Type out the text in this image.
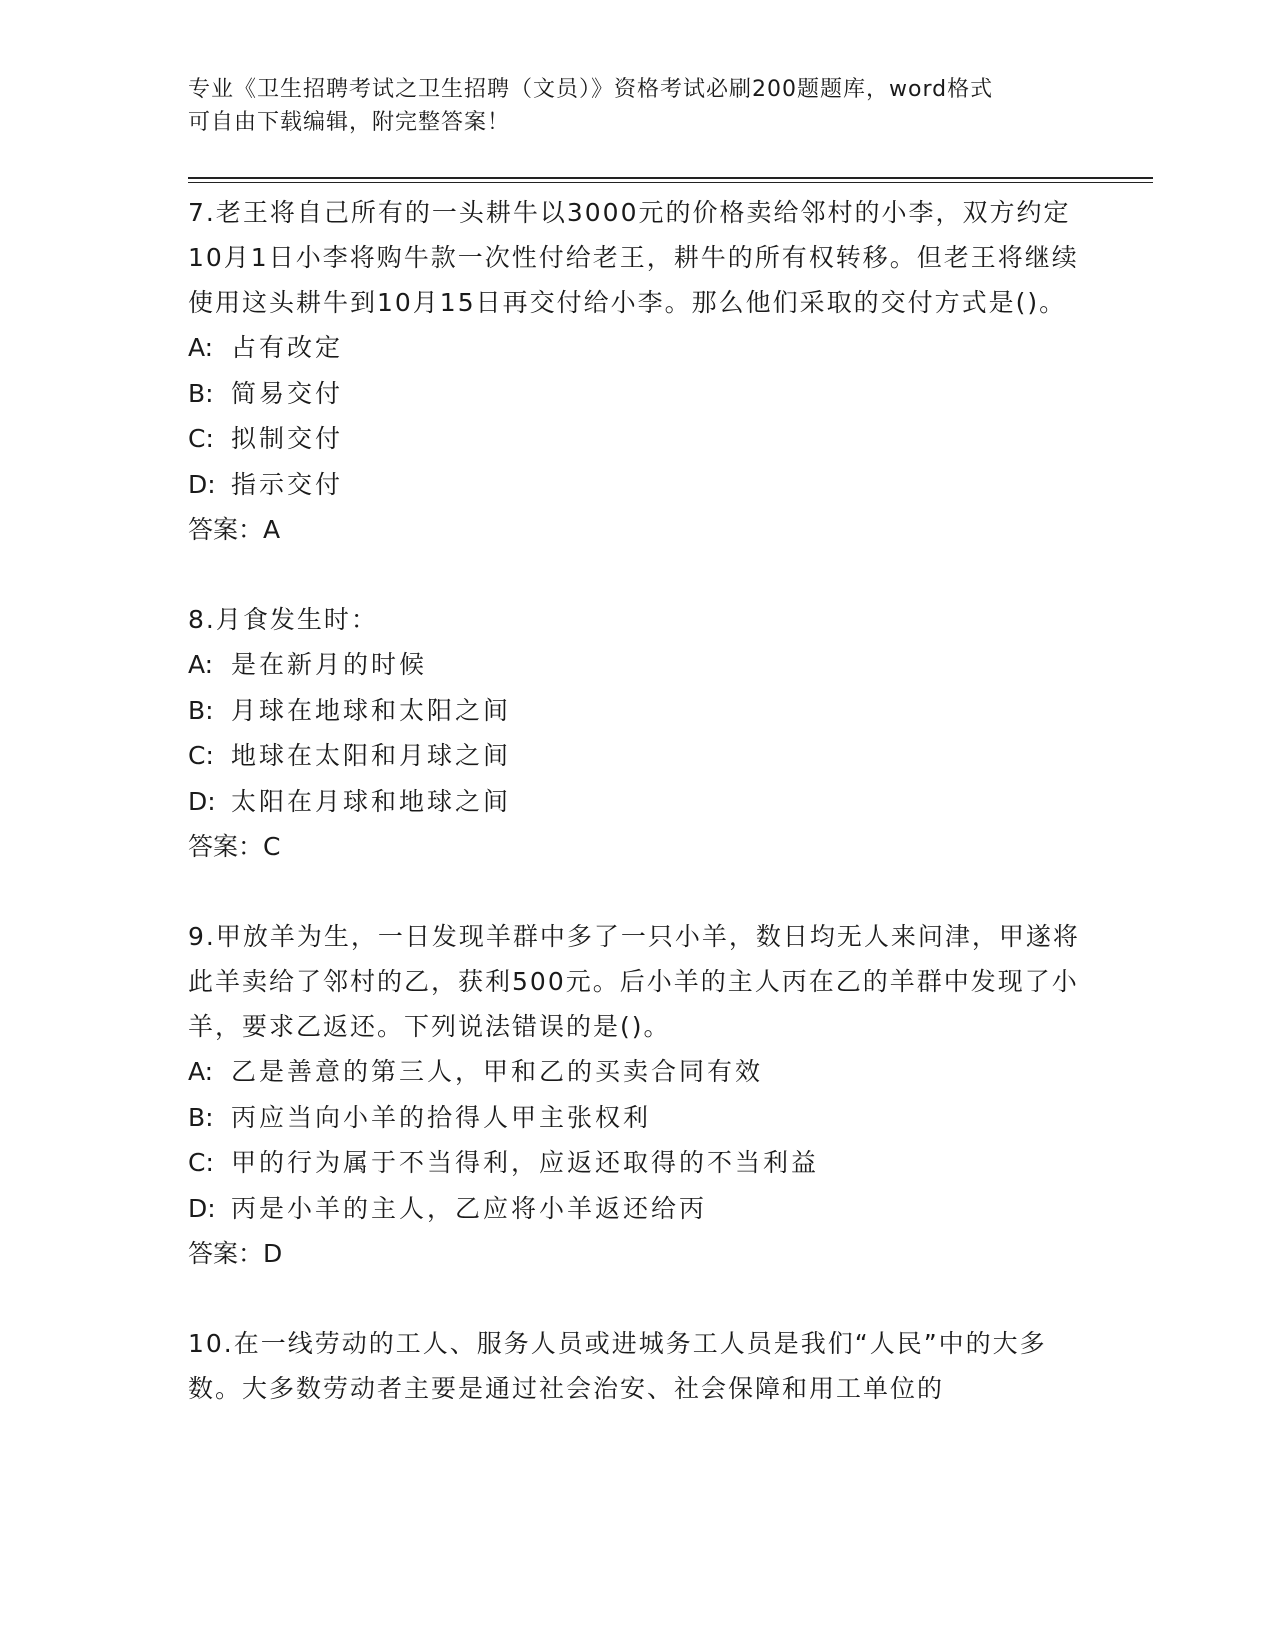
专业《卫生招聘考试之卫生招聘（文员）》资格考试必刷200题题库，word格式
可自由下载编辑，附完整答案！
7.老王将自己所有的一头耕牛以3000元的价格卖给邻村的小李，双方约定10月1日小李将购牛款一次性付给老王，耕牛的所有权转移。但老王将继续使用这头耕牛到10月15日再交付给小李。那么他们采取的交付方式是()。
A: 占有改定
B: 简易交付
C: 拟制交付
D: 指示交付
答案：A
8.月食发生时：
A: 是在新月的时候
B: 月球在地球和太阳之间
C: 地球在太阳和月球之间
D: 太阳在月球和地球之间
答案：C
9.甲放羊为生，一日发现羊群中多了一只小羊，数日均无人来问津，甲遂将此羊卖给了邻村的乙，获利500元。后小羊的主人丙在乙的羊群中发现了小羊，要求乙返还。下列说法错误的是()。
A: 乙是善意的第三人，甲和乙的买卖合同有效
B: 丙应当向小羊的拾得人甲主张权利
C: 甲的行为属于不当得利，应返还取得的不当利益
D: 丙是小羊的主人，乙应将小羊返还给丙
答案：D
10.在一线劳动的工人、服务人员或进城务工人员是我们“人民”中的大多数。大多数劳动者主要是通过社会治安、社会保障和用工单位的
